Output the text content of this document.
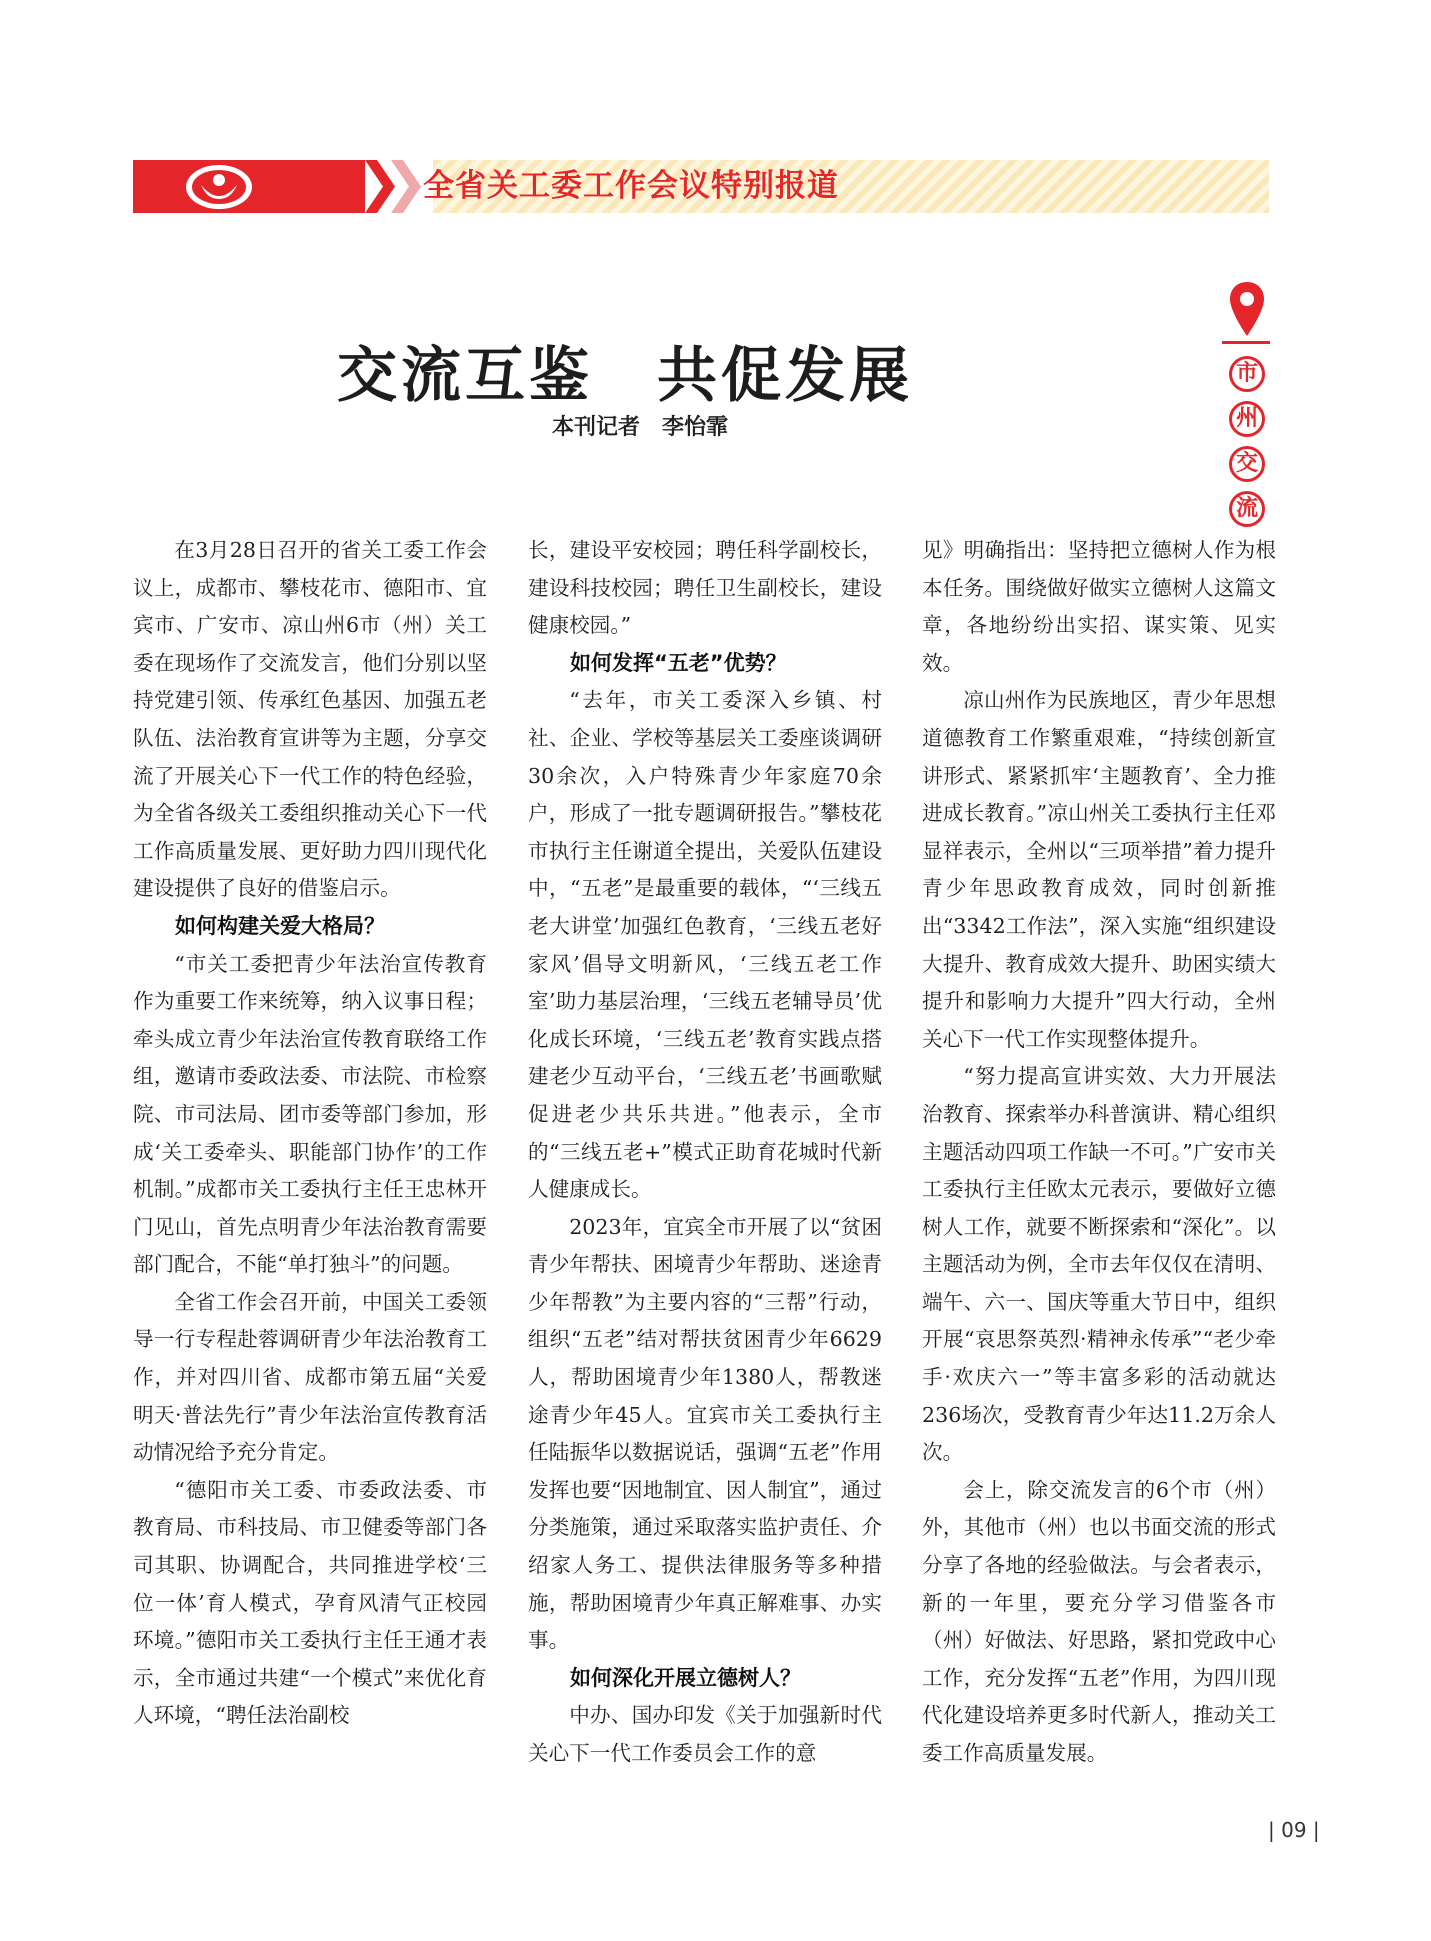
全省关工委工作会议特别报道
市
州
交
流
交流互鉴　共促发展
本刊记者　李怡霏

在3月28日召开的省关工委工作会议上，成都市、攀枝花市、德阳市、宜宾市、广安市、凉山州6市（州）关工委在现场作了交流发言，他们分别以坚持党建引领、传承红色基因、加强五老队伍、法治教育宣讲等为主题，分享交流了开展关心下一代工作的特色经验，为全省各级关工委组织推动关心下一代工作高质量发展、更好助力四川现代化建设提供了良好的借鉴启示。

如何构建关爱大格局？

“市关工委把青少年法治宣传教育作为重要工作来统筹，纳入议事日程；牵头成立青少年法治宣传教育联络工作组，邀请市委政法委、市法院、市检察院、市司法局、团市委等部门参加，形成‘关工委牵头、职能部门协作’的工作机制。”成都市关工委执行主任王忠林开门见山，首先点明青少年法治教育需要部门配合，不能“单打独斗”的问题。

全省工作会召开前，中国关工委领导一行专程赴蓉调研青少年法治教育工作，并对四川省、成都市第五届“关爱明天·普法先行”青少年法治宣传教育活动情况给予充分肯定。

“德阳市关工委、市委政法委、市教育局、市科技局、市卫健委等部门各司其职、协调配合，共同推进学校‘三位一体’育人模式，孕育风清气正校园环境。”德阳市关工委执行主任王通才表示，全市通过共建“一个模式”来优化育人环境，“聘任法治副校

长，建设平安校园；聘任科学副校长，建设科技校园；聘任卫生副校长，建设健康校园。”

如何发挥“五老”优势？

“去年，市关工委深入乡镇、村社、企业、学校等基层关工委座谈调研30余次，入户特殊青少年家庭70余户，形成了一批专题调研报告。”攀枝花市执行主任谢道全提出，关爱队伍建设中，“五老”是最重要的载体，“‘三线五老大讲堂’加强红色教育，‘三线五老好家风’倡导文明新风，‘三线五老工作室’助力基层治理，‘三线五老辅导员’优化成长环境，‘三线五老’教育实践点搭建老少互动平台，‘三线五老’书画歌赋促进老少共乐共进。”他表示，全市的“三线五老+”模式正助育花城时代新人健康成长。

2023年，宜宾全市开展了以“贫困青少年帮扶、困境青少年帮助、迷途青少年帮教”为主要内容的“三帮”行动，组织“五老”结对帮扶贫困青少年6629人，帮助困境青少年1380人，帮教迷途青少年45人。宜宾市关工委执行主任陆振华以数据说话，强调“五老”作用发挥也要“因地制宜、因人制宜”，通过分类施策，通过采取落实监护责任、介绍家人务工、提供法律服务等多种措施，帮助困境青少年真正解难事、办实事。

如何深化开展立德树人？

中办、国办印发《关于加强新时代关心下一代工作委员会工作的意

见》明确指出：坚持把立德树人作为根本任务。围绕做好做实立德树人这篇文章，各地纷纷出实招、谋实策、见实效。

凉山州作为民族地区，青少年思想道德教育工作繁重艰难，“持续创新宣讲形式、紧紧抓牢‘主题教育’、全力推进成长教育。”凉山州关工委执行主任邓显祥表示，全州以“三项举措”着力提升青少年思政教育成效，同时创新推出“3342工作法”，深入实施“组织建设大提升、教育成效大提升、助困实绩大提升和影响力大提升”四大行动，全州关心下一代工作实现整体提升。

“努力提高宣讲实效、大力开展法治教育、探索举办科普演讲、精心组织主题活动四项工作缺一不可。”广安市关工委执行主任欧太元表示，要做好立德树人工作，就要不断探索和“深化”。以主题活动为例，全市去年仅仅在清明、端午、六一、国庆等重大节日中，组织开展“哀思祭英烈·精神永传承”“老少牵手·欢庆六一”等丰富多彩的活动就达236场次，受教育青少年达11.2万余人次。

会上，除交流发言的6个市（州）外，其他市（州）也以书面交流的形式分享了各地的经验做法。与会者表示，新的一年里，要充分学习借鉴各市（州）好做法、好思路，紧扣党政中心工作，充分发挥“五老”作用，为四川现代化建设培养更多时代新人，推动关工委工作高质量发展。

| 09 |
